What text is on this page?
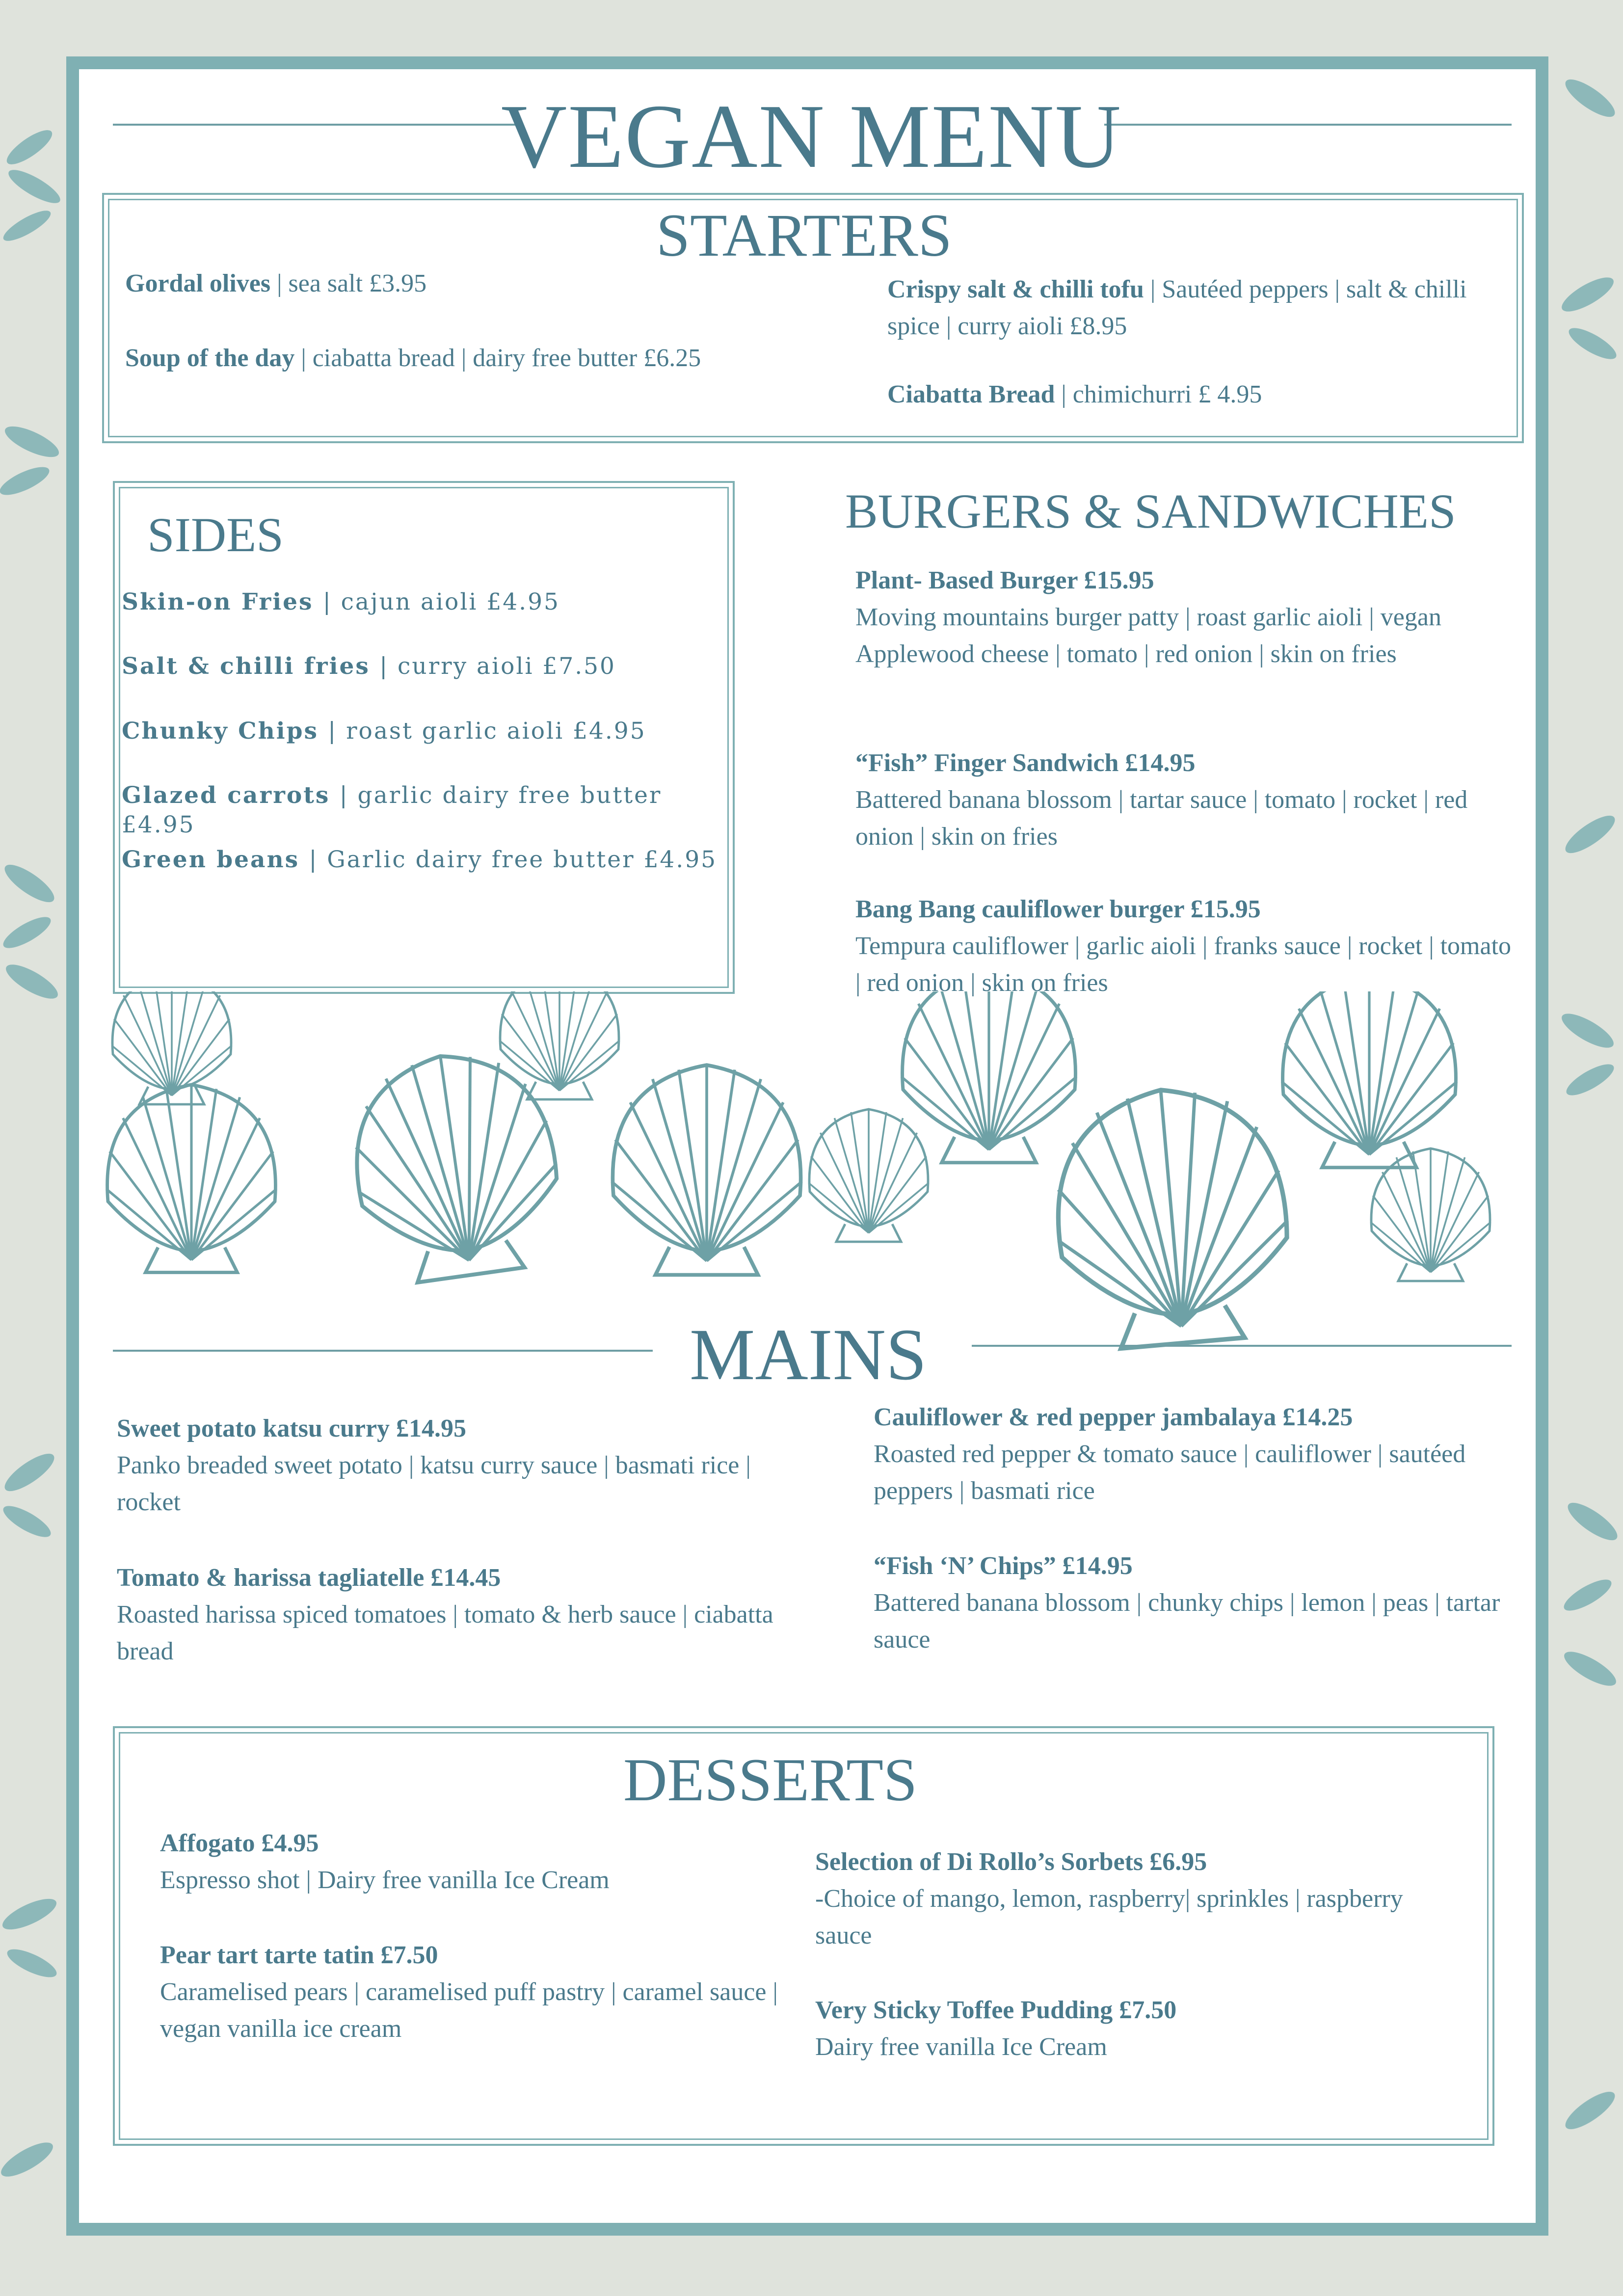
VEGAN MENU
STARTERS
Gordal olives | sea salt £3.95
Soup of the day | ciabatta bread | dairy free butter £6.25
Crispy salt & chilli tofu | Sautéed peppers | salt & chilli spice | curry aioli £8.95
Ciabatta Bread | chimichurri £ 4.95
SIDES
Skin-on Fries | cajun aioli £4.95
Salt & chilli fries | curry aioli £7.50
Chunky Chips | roast garlic aioli £4.95
Glazed carrots | garlic dairy free butter £4.95
Green beans | Garlic dairy free butter £4.95
BURGERS & SANDWICHES
Plant- Based Burger £15.95
Moving mountains burger patty | roast garlic aioli | vegan Applewood cheese | tomato | red onion | skin on fries
“Fish” Finger Sandwich £14.95
Battered banana blossom | tartar sauce | tomato | rocket | red onion | skin on fries
Bang Bang cauliflower burger £15.95
Tempura cauliflower | garlic aioli | franks sauce | rocket | tomato | red onion | skin on fries
MAINS
Sweet potato katsu curry £14.95
Panko breaded sweet potato | katsu curry sauce | basmati rice | rocket
Tomato & harissa tagliatelle £14.45
Roasted harissa spiced tomatoes | tomato & herb sauce | ciabatta bread
Cauliflower & red pepper jambalaya £14.25
Roasted red pepper & tomato sauce | cauliflower | sautéed peppers | basmati rice
“Fish ‘N’ Chips” £14.95
Battered banana blossom | chunky chips | lemon | peas | tartar sauce
DESSERTS
Affogato £4.95
Espresso shot | Dairy free vanilla Ice Cream
Pear tart tarte tatin £7.50
Caramelised pears | caramelised puff pastry | caramel sauce | vegan vanilla ice cream
Selection of Di Rollo’s Sorbets £6.95
-Choice of mango, lemon, raspberry| sprinkles | raspberry sauce
Very Sticky Toffee Pudding £7.50
Dairy free vanilla Ice Cream
